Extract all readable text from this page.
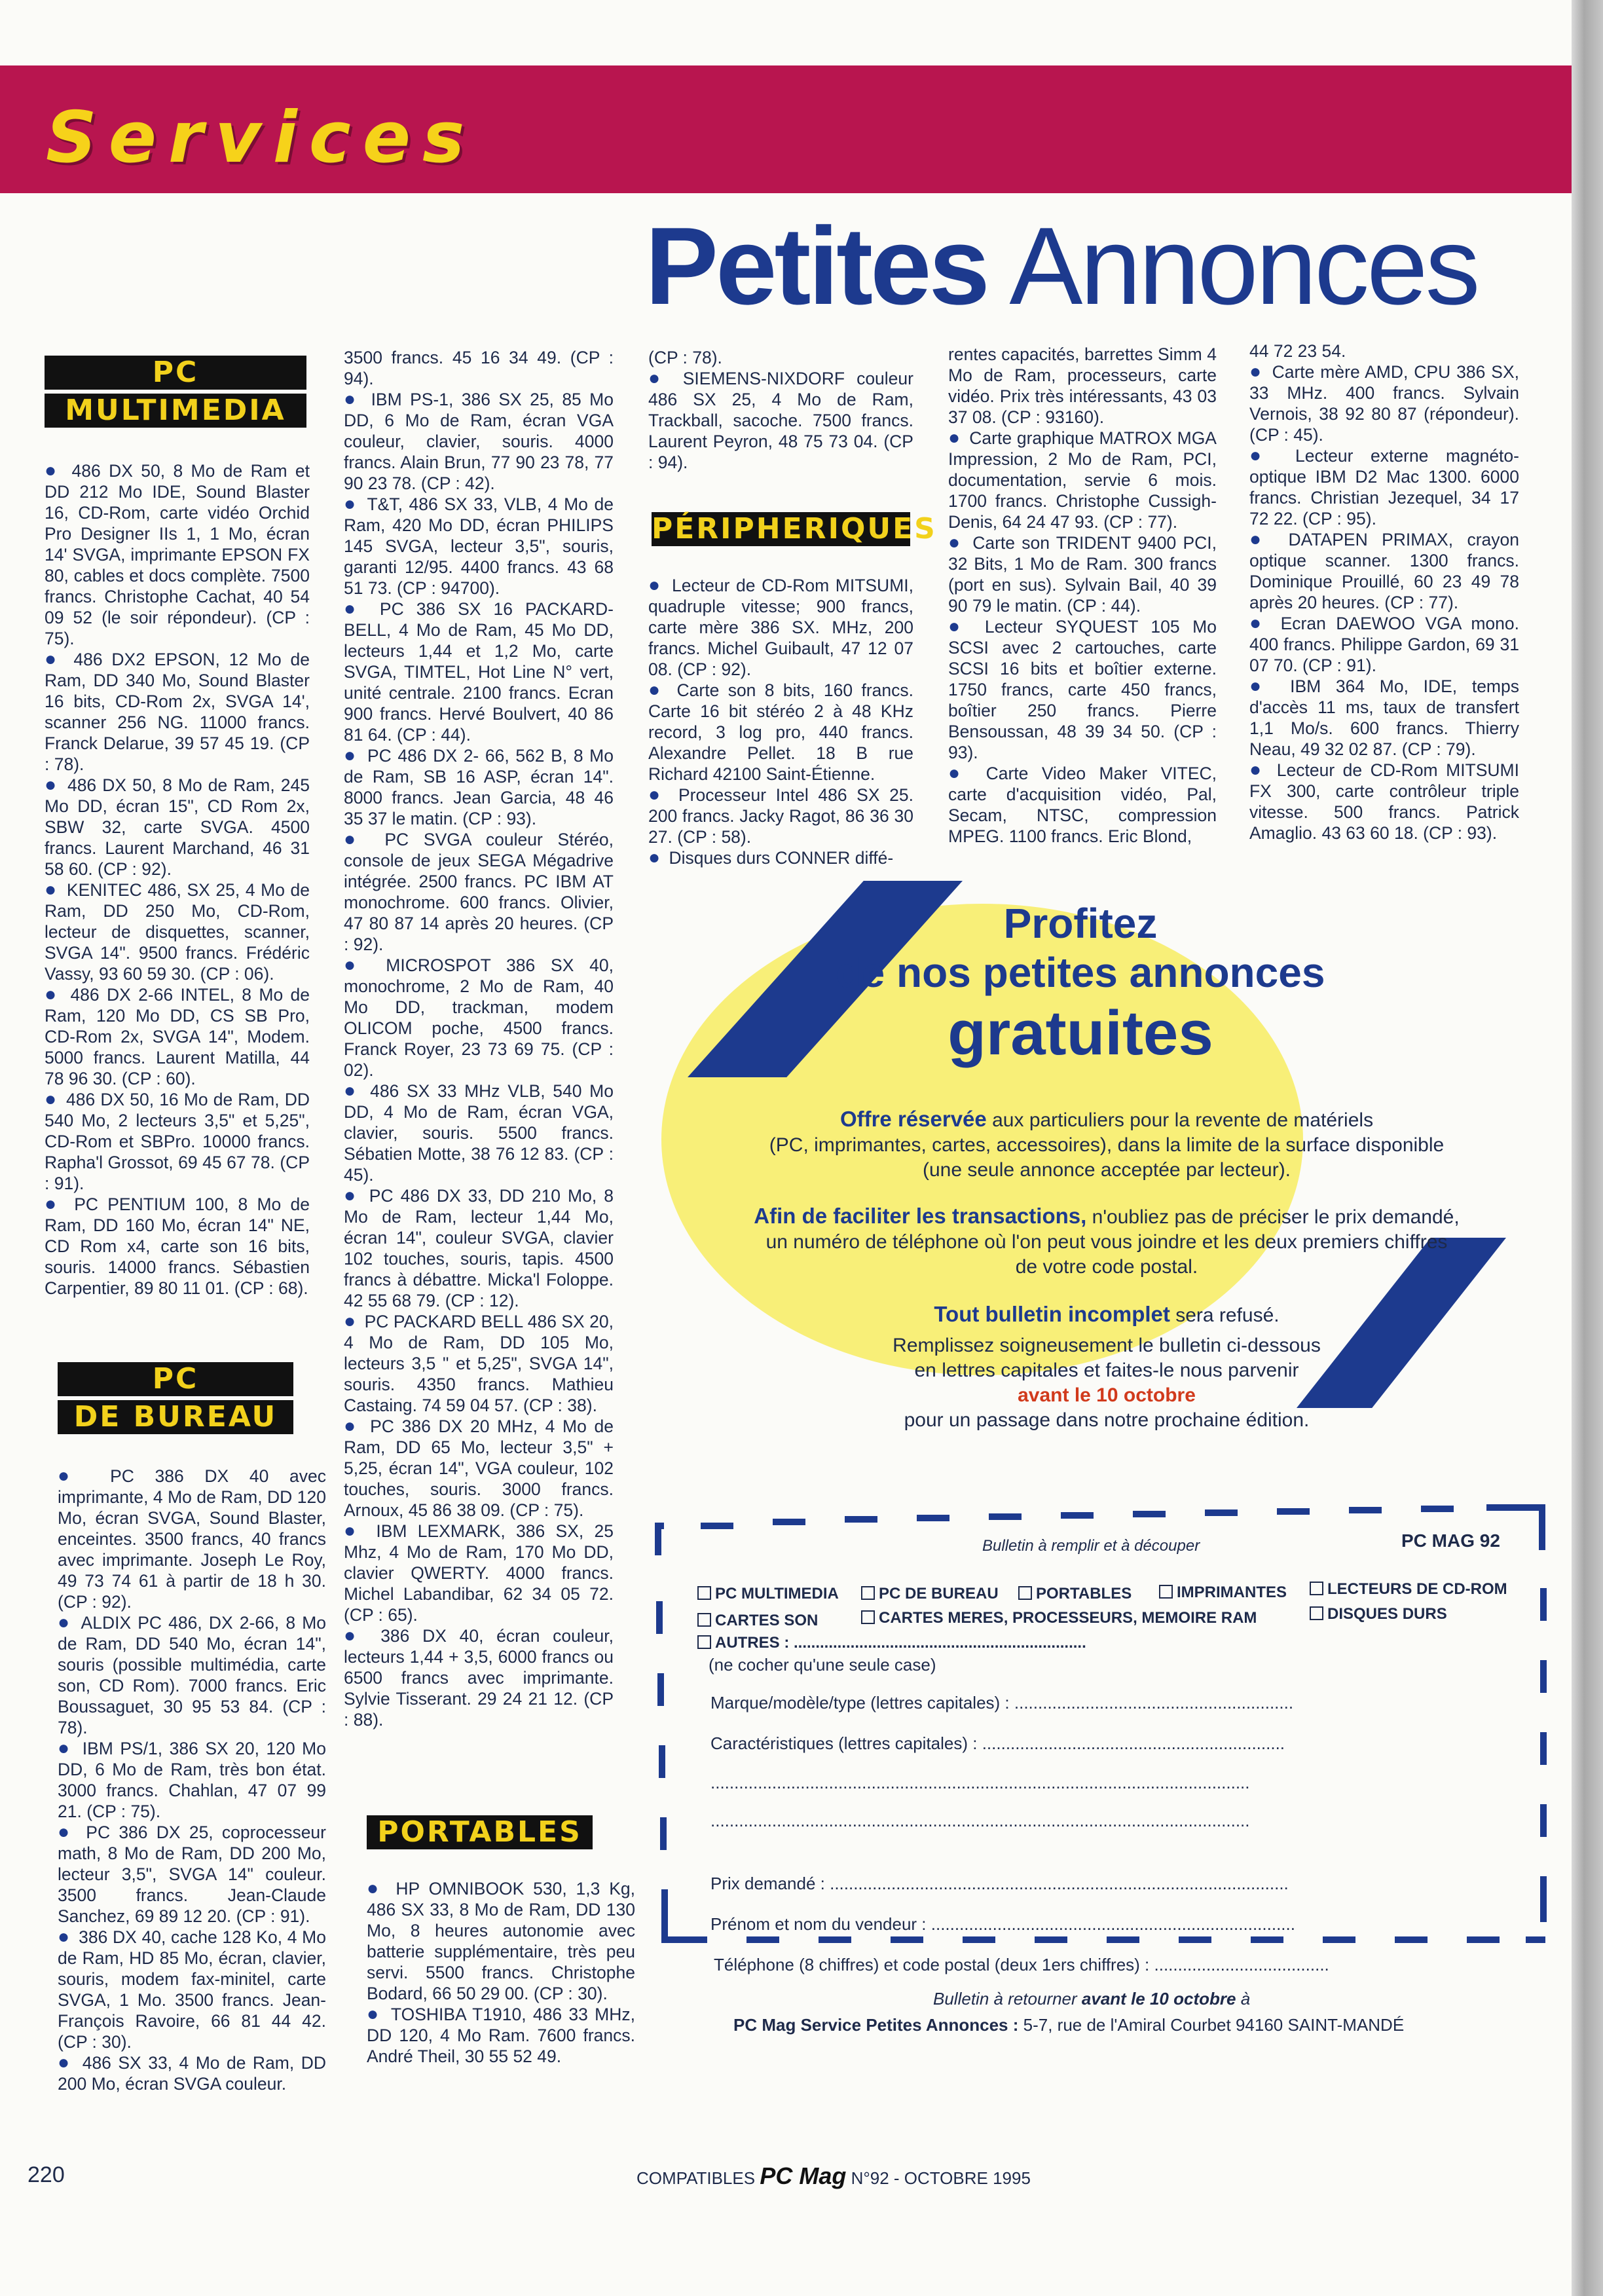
Services
Petites Annonces
PC
MULTIMEDIA

● 486 DX 50, 8 Mo de Ram et DD 212 Mo IDE, Sound Blaster 16, CD-Rom, carte vidéo Orchid Pro Designer IIs 1, 1 Mo, écran 14' SVGA, imprimante EPSON FX 80, cables et docs complète. 7500 francs. Christophe Cachat, 40 54 09 52 (le soir répondeur). (CP : 75).

● 486 DX2 EPSON, 12 Mo de Ram, DD 340 Mo, Sound Blaster 16 bits, CD-Rom 2x, SVGA 14', scanner 256 NG. 11000 francs. Franck Delarue, 39 57 45 19. (CP : 78).

● 486 DX 50, 8 Mo de Ram, 245 Mo DD, écran 15", CD Rom 2x, SBW 32, carte SVGA. 4500 francs. Laurent Marchand, 46 31 58 60. (CP : 92).

● KENITEC 486, SX 25, 4 Mo de Ram, DD 250 Mo, CD-Rom, lecteur de disquettes, scanner, SVGA 14". 9500 francs. Frédéric Vassy, 93 60 59 30. (CP : 06).

● 486 DX 2-66 INTEL, 8 Mo de Ram, 120 Mo DD, CS SB Pro, CD-Rom 2x, SVGA 14", Modem. 5000 francs. Laurent Matilla, 44 78 96 30. (CP : 60).

● 486 DX 50, 16 Mo de Ram, DD 540 Mo, 2 lecteurs 3,5" et 5,25", CD-Rom et SBPro. 10000 francs. Rapha'l Grossot, 69 45 67 78. (CP : 91).

● PC PENTIUM 100, 8 Mo de Ram, DD 160 Mo, écran 14" NE, CD Rom x4, carte son 16 bits, souris. 14000 francs. Sébastien Carpentier, 89 80 11 01. (CP : 68).

PC
DE BUREAU

● PC 386 DX 40 avec imprimante, 4 Mo de Ram, DD 120 Mo, écran SVGA, Sound Blaster, enceintes. 3500 francs, 40 francs avec imprimante. Joseph Le Roy, 49 73 74 61 à partir de 18 h 30. (CP : 92).

● ALDIX PC 486, DX 2-66, 8 Mo de Ram, DD 540 Mo, écran 14", souris (possible multimédia, carte son, CD Rom). 7000 francs. Eric Boussaguet, 30 95 53 84. (CP : 78).

● IBM PS/1, 386 SX 20, 120 Mo DD, 6 Mo de Ram, très bon état. 3000 francs. Chahlan, 47 07 99 21. (CP : 75).

● PC 386 DX 25, coprocesseur math, 8 Mo de Ram, DD 200 Mo, lecteur 3,5", SVGA 14" couleur. 3500 francs. Jean-Claude Sanchez, 69 89 12 20. (CP : 91).

● 386 DX 40, cache 128 Ko, 4 Mo de Ram, HD 85 Mo, écran, clavier, souris, modem fax-minitel, carte SVGA, 1 Mo. 3500 francs. Jean-François Ravoire, 66 81 44 42. (CP : 30).

● 486 SX 33, 4 Mo de Ram, DD 200 Mo, écran SVGA couleur.

3500 francs. 45 16 34 49. (CP : 94).

● IBM PS-1, 386 SX 25, 85 Mo DD, 6 Mo de Ram, écran VGA couleur, clavier, souris. 4000 francs. Alain Brun, 77 90 23 78, 77 90 23 78. (CP : 42).

● T&T, 486 SX 33, VLB, 4 Mo de Ram, 420 Mo DD, écran PHILIPS 145 SVGA, lecteur 3,5", souris, garanti 12/95. 4400 francs. 43 68 51 73. (CP : 94700).

● PC 386 SX 16 PACKARD-BELL, 4 Mo de Ram, 45 Mo DD, lecteurs 1,44 et 1,2 Mo, carte SVGA, TIMTEL, Hot Line N° vert, unité centrale. 2100 francs. Ecran 900 francs. Hervé Boulvert, 40 86 81 64. (CP : 44).

● PC 486 DX 2- 66, 562 B, 8 Mo de Ram, SB 16 ASP, écran 14". 8000 francs. Jean Garcia, 48 46 35 37 le matin. (CP : 93).

● PC SVGA couleur Stéréo, console de jeux SEGA Mégadrive intégrée. 2500 francs. PC IBM AT monochrome. 600 francs. Olivier, 47 80 87 14 après 20 heures. (CP : 92).

● MICROSPOT 386 SX 40, monochrome, 2 Mo de Ram, 40 Mo DD, trackman, modem OLICOM poche, 4500 francs. Franck Royer, 23 73 69 75. (CP : 02).

● 486 SX 33 MHz VLB, 540 Mo DD, 4 Mo de Ram, écran VGA, clavier, souris. 5500 francs. Sébatien Motte, 38 76 12 83. (CP : 45).

● PC 486 DX 33, DD 210 Mo, 8 Mo de Ram, lecteur 1,44 Mo, écran 14", couleur SVGA, clavier 102 touches, souris, tapis. 4500 francs à débattre. Micka'l Foloppe. 42 55 68 79. (CP : 12).

● PC PACKARD BELL 486 SX 20, 4 Mo de Ram, DD 105 Mo, lecteurs 3,5 " et 5,25", SVGA 14", souris. 4350 francs. Mathieu Castaing. 74 59 04 57. (CP : 38).

● PC 386 DX 20 MHz, 4 Mo de Ram, DD 65 Mo, lecteur 3,5" + 5,25, écran 14", VGA couleur, 102 touches, souris. 3000 francs. Arnoux, 45 86 38 09. (CP : 75).

● IBM LEXMARK, 386 SX, 25 Mhz, 4 Mo de Ram, 170 Mo DD, clavier QWERTY. 4000 francs. Michel Labandibar, 62 34 05 72. (CP : 65).

● 386 DX 40, écran couleur, lecteurs 1,44 + 3,5, 6000 francs ou 6500 francs avec imprimante. Sylvie Tisserant. 29 24 21 12. (CP : 88).

PORTABLES

● HP OMNIBOOK 530, 1,3 Kg, 486 SX 33, 8 Mo de Ram, DD 130 Mo, 8 heures autonomie avec batterie supplémentaire, très peu servi. 5500 francs. Christophe Bodard, 66 50 29 00. (CP : 30).

● TOSHIBA T1910, 486 33 MHz, DD 120, 4 Mo Ram. 7600 francs. André Theil, 30 55 52 49.

(CP : 78).

● SIEMENS-NIXDORF couleur 486 SX 25, 4 Mo de Ram, Trackball, sacoche. 7500 francs. Laurent Peyron, 48 75 73 04. (CP : 94).

PÉRIPHERIQUES

● Lecteur de CD-Rom MITSUMI, quadruple vitesse; 900 francs, carte mère 386 SX. MHz, 200 francs. Michel Guibault, 47 12 07 08. (CP : 92).

● Carte son 8 bits, 160 francs. Carte 16 bit stéréo 2 à 48 KHz record, 3 log pro, 440 francs. Alexandre Pellet. 18 B rue Richard 42100 Saint-Étienne.

● Processeur Intel 486 SX 25. 200 francs. Jacky Ragot, 86 36 30 27. (CP : 58).

● Disques durs CONNER diffé-

rentes capacités, barrettes Simm 4 Mo de Ram, processeurs, carte vidéo. Prix très intéressants, 43 03 37 08. (CP : 93160).

● Carte graphique MATROX MGA Impression, 2 Mo de Ram, PCI, documentation, servie 6 mois. 1700 francs. Christophe Cussigh-Denis, 64 24 47 93. (CP : 77).

● Carte son TRIDENT 9400 PCI, 32 Bits, 1 Mo de Ram. 300 francs (port en sus). Sylvain Bail, 40 39 90 79 le matin. (CP : 44).

● Lecteur SYQUEST 105 Mo SCSI avec 2 cartouches, carte SCSI 16 bits et boîtier externe. 1750 francs, carte 450 francs, boîtier 250 francs. Pierre Bensoussan, 48 39 34 50. (CP : 93).

● Carte Video Maker VITEC, carte d'acquisition vidéo, Pal, Secam, NTSC, compression MPEG. 1100 francs. Eric Blond,

44 72 23 54.

● Carte mère AMD, CPU 386 SX, 33 MHz. 400 francs. Sylvain Vernois, 38 92 80 87 (répondeur). (CP : 45).

● Lecteur externe magnéto-optique IBM D2 Mac 1300. 6000 francs. Christian Jezequel, 34 17 72 22. (CP : 95).

● DATAPEN PRIMAX, crayon optique scanner. 1300 francs. Dominique Prouillé, 60 23 49 78 après 20 heures. (CP : 77).

● Ecran DAEWOO VGA mono. 400 francs. Philippe Gardon, 69 31 07 70. (CP : 91).

● IBM 364 Mo, IDE, temps d'accès 11 ms, taux de transfert 1,1 Mo/s. 600 francs. Thierry Neau, 49 32 02 87. (CP : 79).

● Lecteur de CD-Rom MITSUMI FX 300, carte contrôleur triple vitesse. 500 francs. Patrick Amaglio. 43 63 60 18. (CP : 93).

Profitez
de nos petites annonces
gratuites
Offre réservée aux particuliers pour la revente de matériels
(PC, imprimantes, cartes, accessoires), dans la limite de la surface disponible
(une seule annonce acceptée par lecteur).
Afin de faciliter les transactions, n'oubliez pas de préciser le prix demandé,
un numéro de téléphone où l'on peut vous joindre et les deux premiers chiffres
de votre code postal.
Tout bulletin incomplet sera refusé.
Remplissez soigneusement le bulletin ci-dessous
en lettres capitales et faites-le nous parvenir
avant le 10 octobre
pour un passage dans notre prochaine édition.
Bulletin à remplir et à découper	PC MAG 92
PC MULTIMEDIA	PC DE BUREAU	PORTABLES	IMPRIMANTES	LECTEURS DE CD-ROM
CARTES SON	CARTES MERES, PROCESSEURS, MEMOIRE RAM	DISQUES DURS
AUTRES : ...................................................................
(ne cocher qu'une seule case)
Marque/modèle/type (lettres capitales) : ...........................................................
Caractéristiques (lettres capitales) : ................................................................
..................................................................................................................
..................................................................................................................
Prix demandé : .................................................................................................
Prénom et nom du vendeur : .............................................................................
Téléphone (8 chiffres) et code postal (deux 1ers chiffres) : .....................................
Bulletin à retourner avant le 10 octobre à
PC Mag Service Petites Annonces : 5-7, rue de l'Amiral Courbet 94160 SAINT-MANDÉ
220	COMPATIBLES PC Mag N°92 - OCTOBRE 1995
